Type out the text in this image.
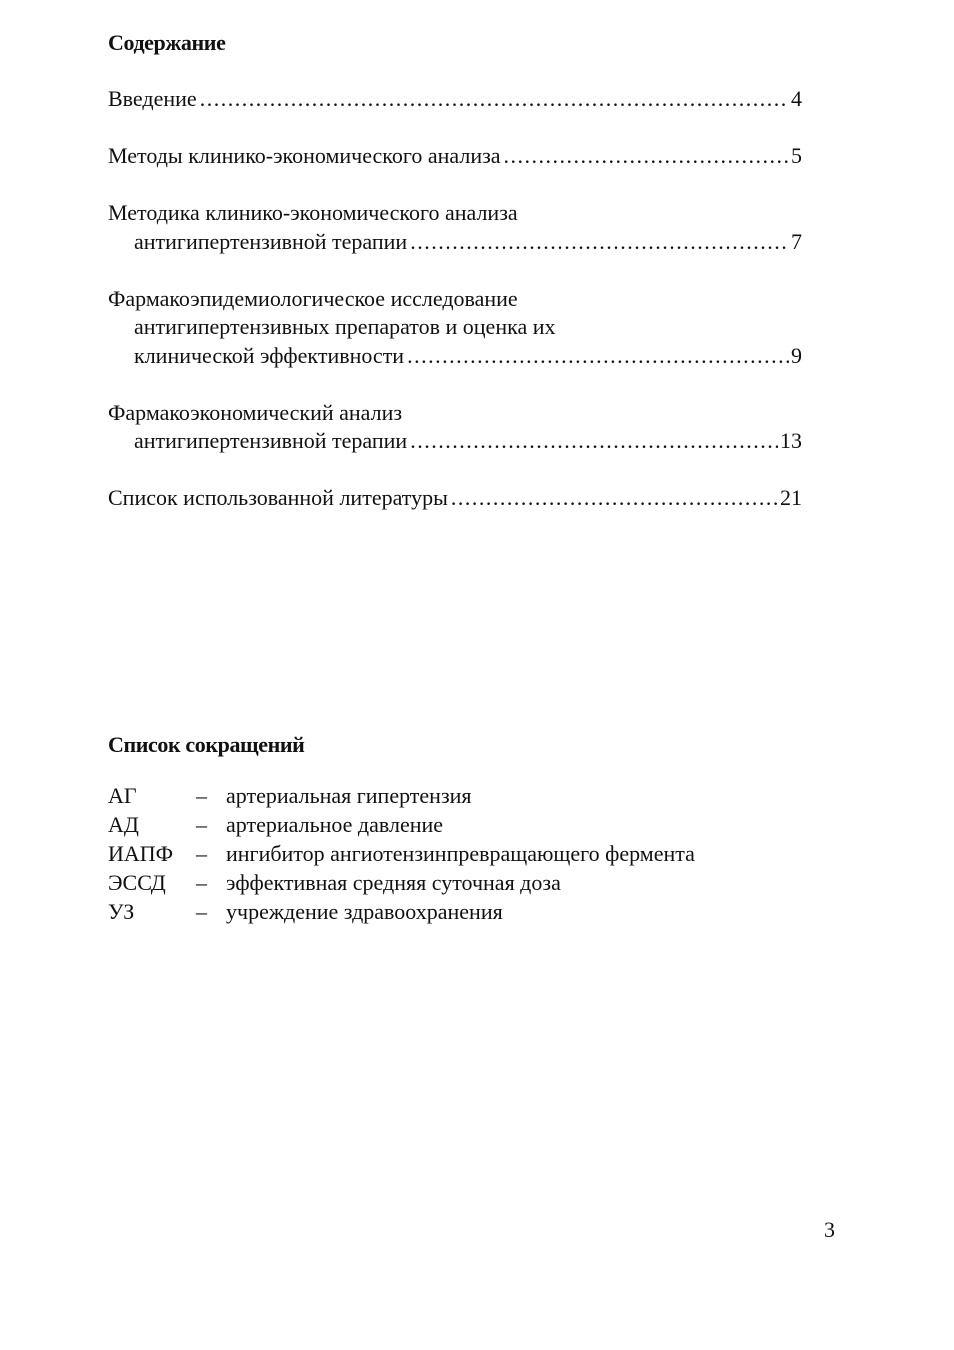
Содержание
Введение .....	4
Методы клинико-экономического анализа .....	5
Методика клинико-экономического анализа
антигипертензивной терапии .....	7
Фармакоэпидемиологическое исследование
антигипертензивных препаратов и оценка их
клинической эффективности .....	9
Фармакоэкономический анализ
антигипертензивной терапии .....	13
Список использованной литературы .....	21
Список сокращений
АГ	– артериальная гипертензия
АД	– артериальное давление
ИАПФ	– ингибитор ангиотензинпревращающего фермента
ЭССД	– эффективная средняя суточная доза
УЗ	– учреждение здравоохранения
3
